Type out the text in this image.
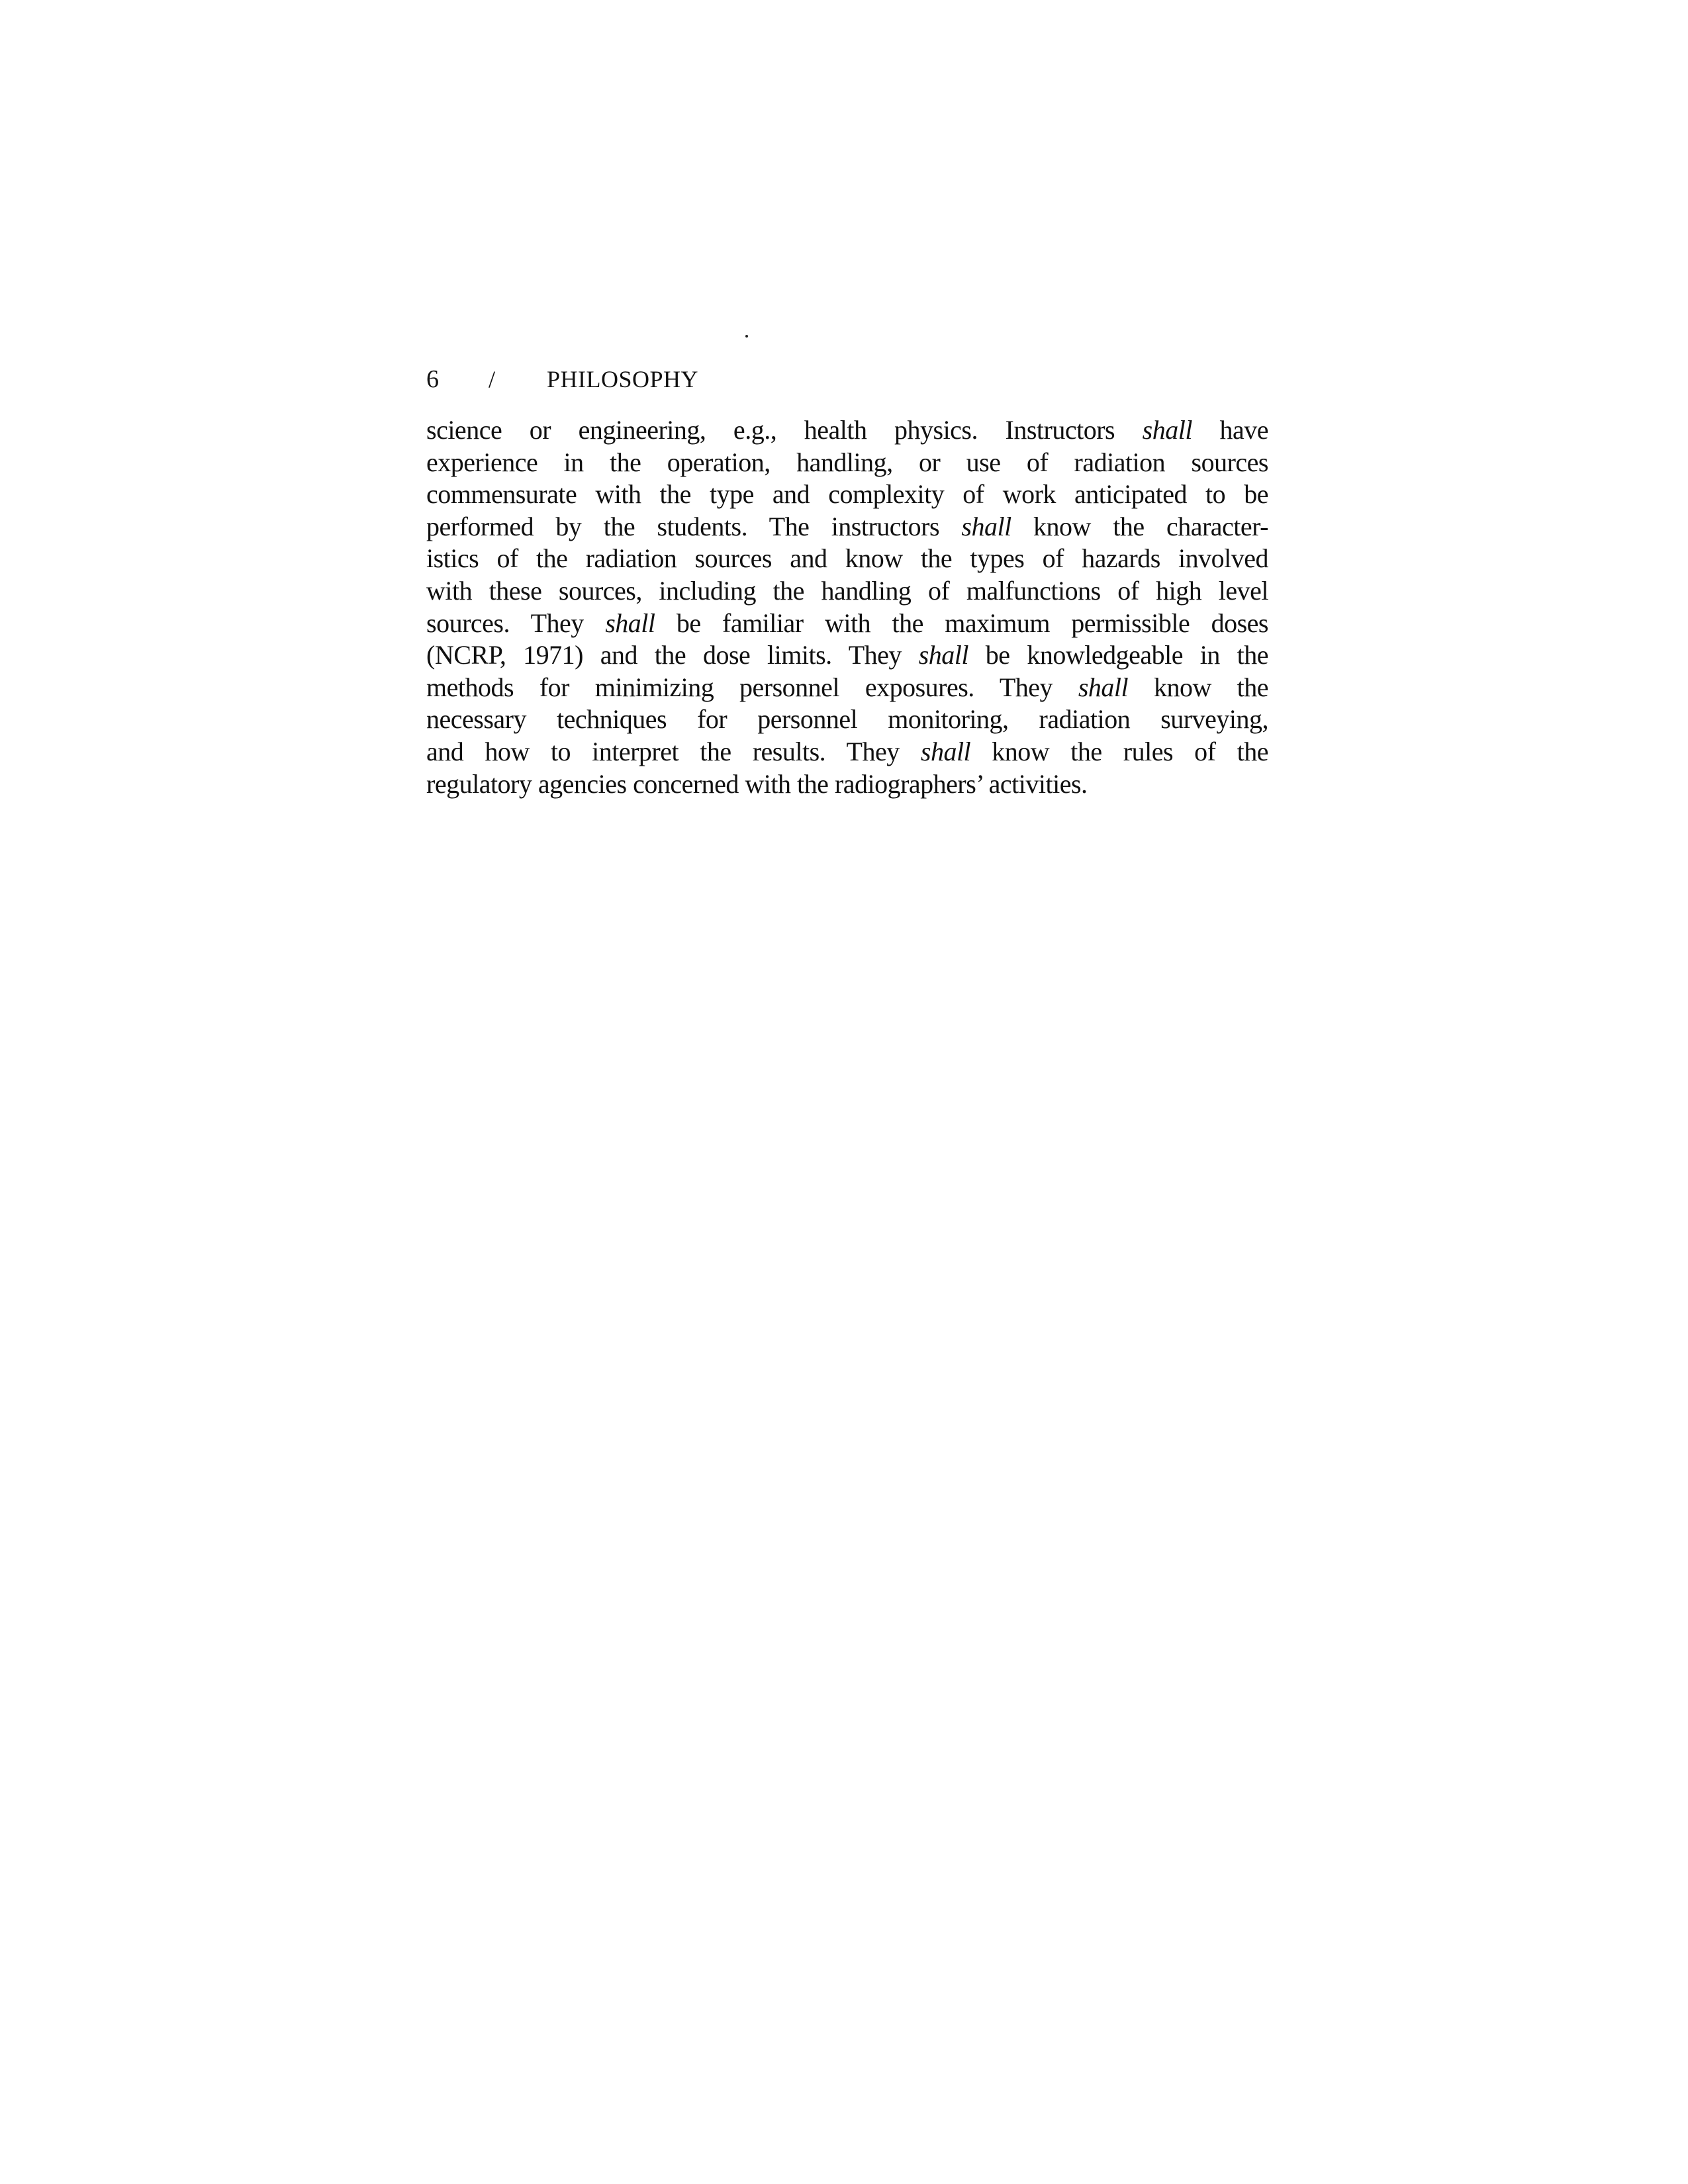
6 / PHILOSOPHY
science or engineering, e.g., health physics. Instructors shall have
experience in the operation, handling, or use of radiation sources
commensurate with the type and complexity of work anticipated to be
performed by the students. The instructors shall know the character-
istics of the radiation sources and know the types of hazards involved
with these sources, including the handling of malfunctions of high level
sources. They shall be familiar with the maximum permissible doses
(NCRP, 1971) and the dose limits. They shall be knowledgeable in the
methods for minimizing personnel exposures. They shall know the
necessary techniques for personnel monitoring, radiation surveying,
and how to interpret the results. They shall know the rules of the
regulatory agencies concerned with the radiographers’ activities.
